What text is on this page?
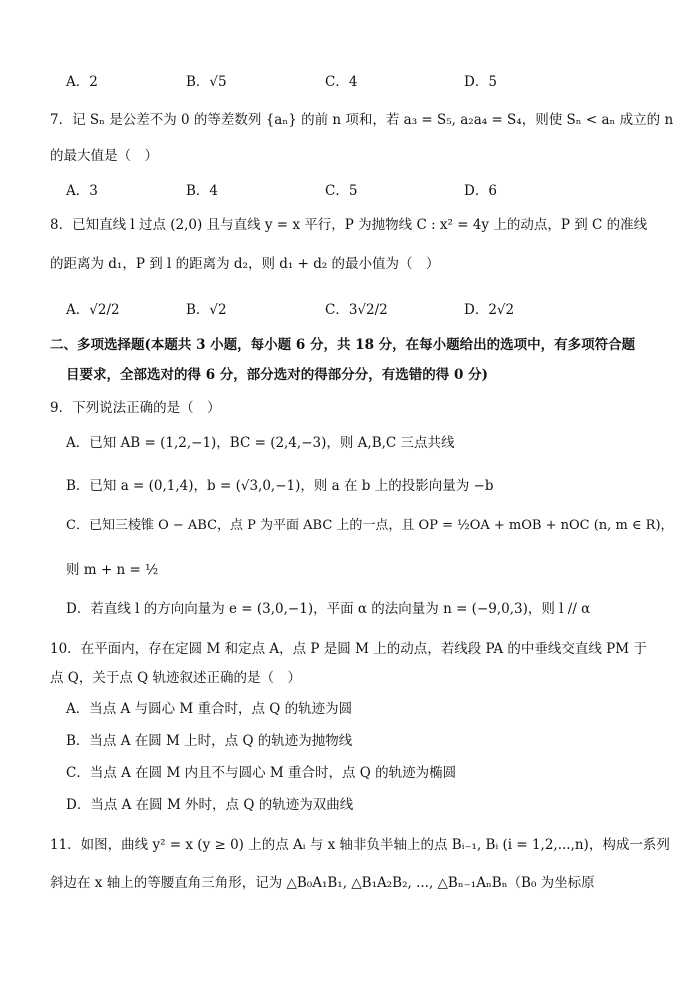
A．2	B．√5	C．4	D．5
7．记 Sₙ 是公差不为 0 的等差数列 {aₙ} 的前 n 项和，若 a₃ = S₅, a₂a₄ = S₄，则使 Sₙ < aₙ 成立的 n
的最大值是（　）
A．3	B．4	C．5	D．6
8．已知直线 l 过点 (2,0) 且与直线 y = x 平行，P 为抛物线 C : x² = 4y 上的动点，P 到 C 的准线
的距离为 d₁，P 到 l 的距离为 d₂，则 d₁ + d₂ 的最小值为（　）
A．√2/2	B．√2	C．3√2/2	D．2√2
二、多项选择题(本题共 3 小题，每小题 6 分，共 18 分，在每小题给出的选项中，有多项符合题
目要求，全部选对的得 6 分，部分选对的得部分分，有选错的得 0 分)
9．下列说法正确的是（　）
A．已知 AB = (1,2,−1)，BC = (2,4,−3)，则 A,B,C 三点共线
B．已知 a = (0,1,4)，b = (√3,0,−1)，则 a 在 b 上的投影向量为 −b
C．已知三棱锥 O − ABC，点 P 为平面 ABC 上的一点，且 OP = ½OA + mOB + nOC (n, m ∈ R)，
则 m + n = ½
D．若直线 l 的方向向量为 e = (3,0,−1)，平面 α 的法向量为 n = (−9,0,3)，则 l // α
10．在平面内，存在定圆 M 和定点 A，点 P 是圆 M 上的动点，若线段 PA 的中垂线交直线 PM 于
点 Q，关于点 Q 轨迹叙述正确的是（　）
A．当点 A 与圆心 M 重合时，点 Q 的轨迹为圆
B．当点 A 在圆 M 上时，点 Q 的轨迹为抛物线
C．当点 A 在圆 M 内且不与圆心 M 重合时，点 Q 的轨迹为椭圆
D．当点 A 在圆 M 外时，点 Q 的轨迹为双曲线
11．如图，曲线 y² = x (y ≥ 0) 上的点 Aᵢ 与 x 轴非负半轴上的点 Bᵢ₋₁, Bᵢ (i = 1,2,...,n)，构成一系列
斜边在 x 轴上的等腰直角三角形，记为 △B₀A₁B₁, △B₁A₂B₂, ..., △Bₙ₋₁AₙBₙ（B₀ 为坐标原
